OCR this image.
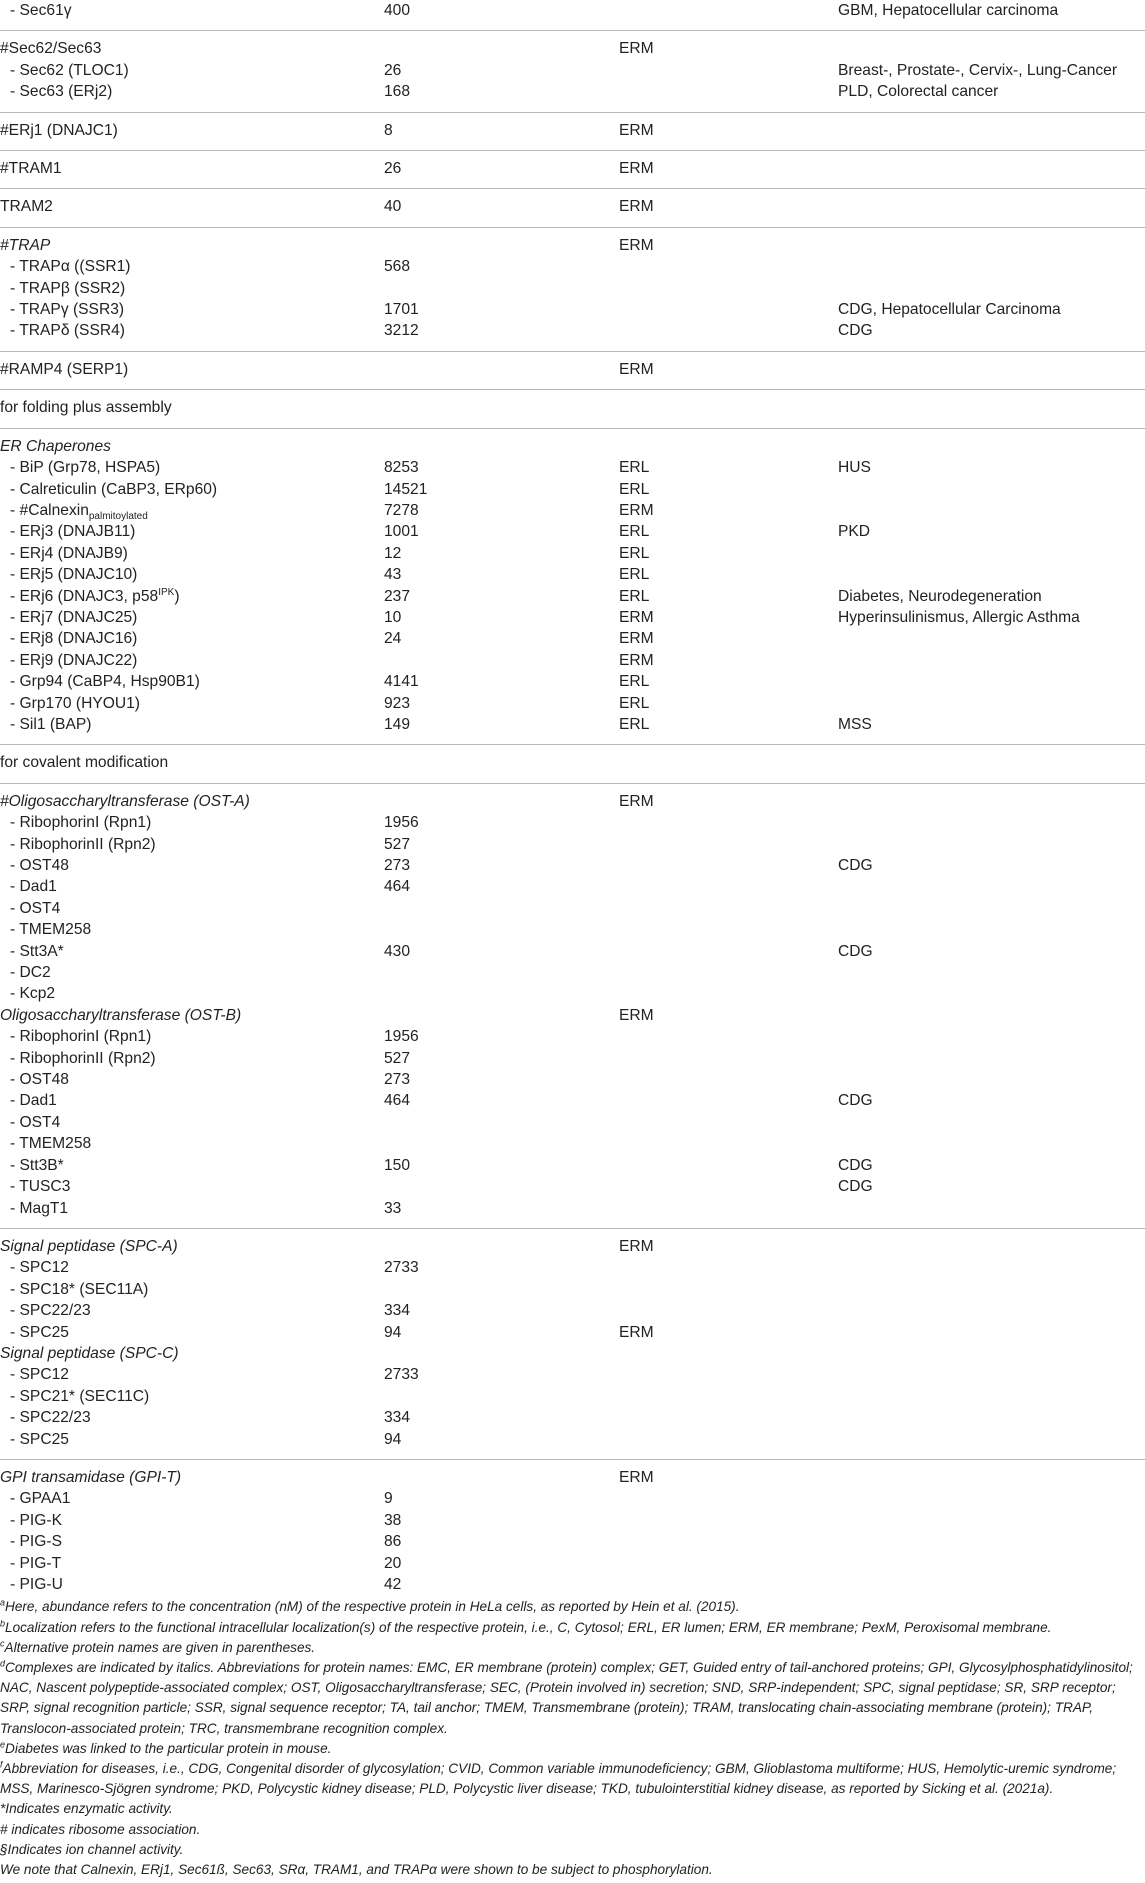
- Sec61γ	400		GBM, Hepatocellular carcinoma
#Sec62/Sec63		ERM	
- Sec62 (TLOC1)	26		Breast-, Prostate-, Cervix-, Lung-Cancer
- Sec63 (ERj2)	168		PLD, Colorectal cancer
#ERj1 (DNAJC1)	8	ERM	
#TRAM1	26	ERM	
TRAM2	40	ERM	
#TRAP		ERM	
- TRAPα ((SSR1)	568		
- TRAPβ (SSR2)			
- TRAPγ (SSR3)	1701		CDG, Hepatocellular Carcinoma
- TRAPδ (SSR4)	3212		CDG
#RAMP4 (SERP1)		ERM	
for folding plus assembly			
ER Chaperones			
- BiP (Grp78, HSPA5)	8253	ERL	HUS
- Calreticulin (CaBP3, ERp60)	14521	ERL	
- #Calnexin$_{palmitoylated}$	7278	ERM	
- ERj3 (DNAJB11)	1001	ERL	PKD
- ERj4 (DNAJB9)	12	ERL	
- ERj5 (DNAJC10)	43	ERL	
- ERj6 (DNAJC3, $p58^{IPK}$)	237	ERL	Diabetes, Neurodegeneration
- ERj7 (DNAJC25)	10	ERM	Hyperinsulinismus, Allergic Asthma
- ERj8 (DNAJC16)	24	ERM	
- ERj9 (DNAJC22)		ERM	
- Grp94 (CaBP4, Hsp90B1)	4141	ERL	
- Grp170 (HYOU1)	923	ERL	
- Sil1 (BAP)	149	ERL	MSS
for covalent modification			
#Oligosaccharyltransferase (OST-A)		ERM	
- RibophorinI (Rpn1)	1956		
- RibophorinII (Rpn2)	527		
- OST48	273		CDG
- Dad1	464		
- OST4			
- TMEM258			
- Stt3A*	430		CDG
- DC2			
- Kcp2			
Oligosaccharyltransferase (OST-B)		ERM	
- RibophorinI (Rpn1)	1956		
- RibophorinII (Rpn2)	527		
- OST48	273		
- Dad1	464		CDG
- OST4			
- TMEM258			
- Stt3B*	150		CDG
- TUSC3			CDG
- MagT1	33		
Signal peptidase (SPC-A)		ERM	
- SPC12	2733		
- SPC18* (SEC11A)			
- SPC22/23	334		
- SPC25	94	ERM	
Signal peptidase (SPC-C)			
- SPC12	2733		
- SPC21* (SEC11C)			
- SPC22/23	334		
- SPC25	94		
GPI transamidase (GPI-T)		ERM	
- GPAA1	9		
- PIG-K	38		
- PIG-S	86		
- PIG-T	20		
- PIG-U	42		

$^a$Here, abundance refers to the concentration (nM) of the respective protein in HeLa cells, as reported by Hein et al. (2015).

$^b$Localization refers to the functional intracellular localization(s) of the respective protein, i.e., C, Cytosol; ERL, ER lumen; ERM, ER membrane; PexM, Peroxisomal membrane.

$^c$Alternative protein names are given in parentheses.

$^d$Complexes are indicated by italics. Abbreviations for protein names: EMC, ER membrane (protein) complex; GET, Guided entry of tail-anchored proteins; GPI, Glycosylphosphatidylinositol; NAC, Nascent polypeptide-associated complex; OST, Oligosaccharyltransferase; SEC, (Protein involved in) secretion; SND, SRP-independent; SPC, signal peptidase; SR, SRP receptor; SRP, signal recognition particle; SSR, signal sequence receptor; TA, tail anchor; TMEM, Transmembrane (protein); TRAM, translocating chain-associating membrane (protein); TRAP, Translocon-associated protein; TRC, transmembrane recognition complex.

$^e$Diabetes was linked to the particular protein in mouse.

$^f$Abbreviation for diseases, i.e., CDG, Congenital disorder of glycosylation; CVID, Common variable immunodeficiency; GBM, Glioblastoma multiforme; HUS, Hemolytic-uremic syndrome; MSS, Marinesco-Sjögren syndrome; PKD, Polycystic kidney disease; PLD, Polycystic liver disease; TKD, tubulointerstitial kidney disease, as reported by Sicking et al. (2021a).

*Indicates enzymatic activity.

# indicates ribosome association.

§Indicates ion channel activity.

We note that Calnexin, ERj1, Sec61ß, Sec63, SRα, TRAM1, and TRAPα were shown to be subject to phosphorylation.
